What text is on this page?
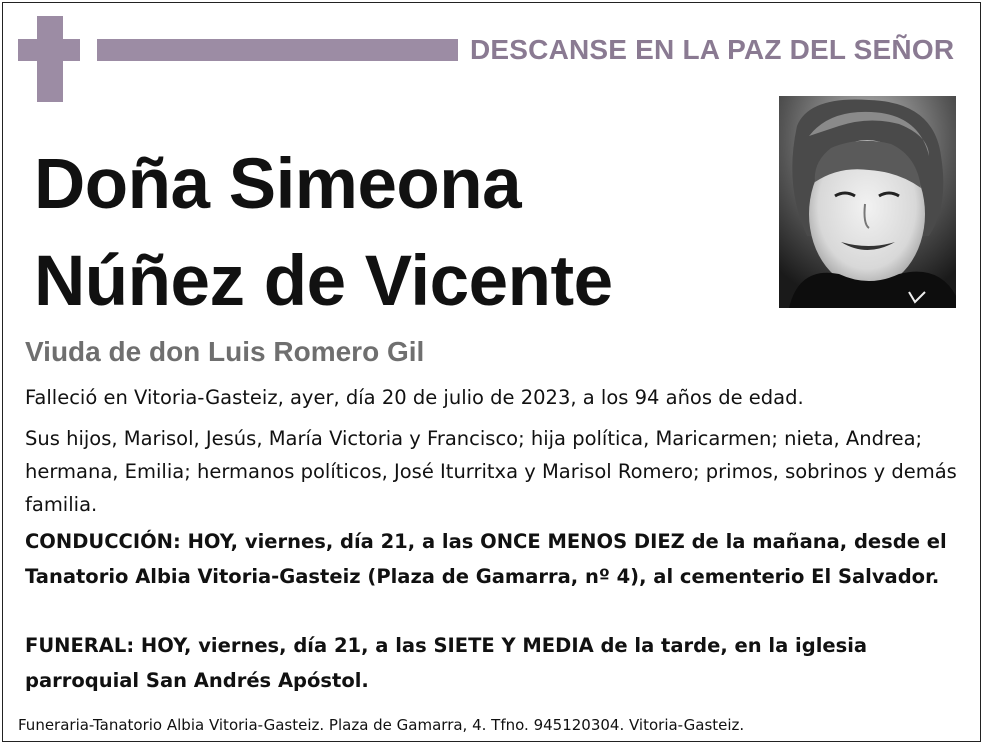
DESCANSE EN LA PAZ DEL SEÑOR
Doña Simeona
Núñez de Vicente
Viuda de don Luis Romero Gil
Falleció en Vitoria-Gasteiz, ayer, día 20 de julio de 2023, a los 94 años de edad.
Sus hijos, Marisol, Jesús, María Victoria y Francisco; hija política, Maricarmen; nieta, Andrea; hermana, Emilia; hermanos políticos, José Iturritxa y Marisol Romero; primos, sobrinos y demás familia.
CONDUCCIÓN: HOY, viernes, día 21, a las ONCE MENOS DIEZ de la mañana, desde el Tanatorio Albia Vitoria-Gasteiz (Plaza de Gamarra, nº 4), al cementerio El Salvador.
FUNERAL: HOY, viernes, día 21, a las SIETE Y MEDIA de la tarde, en la iglesia parroquial San Andrés Apóstol.
Funeraria-Tanatorio Albia Vitoria-Gasteiz. Plaza de Gamarra, 4. Tfno. 945120304. Vitoria-Gasteiz.
